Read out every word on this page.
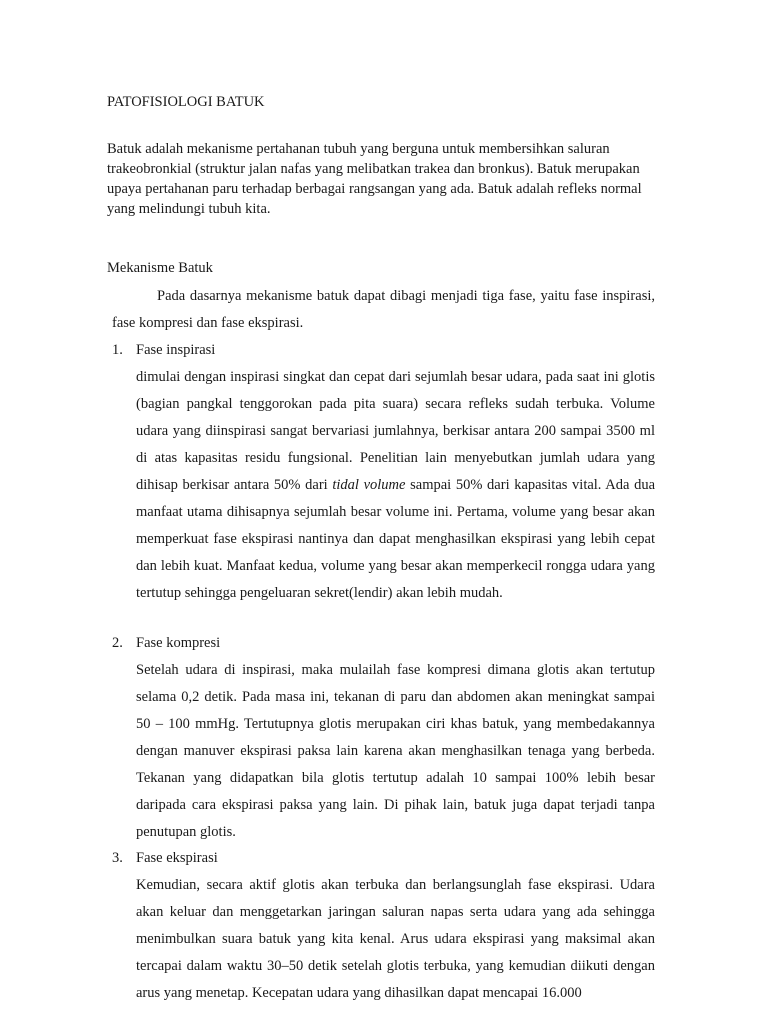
PATOFISIOLOGI BATUK

Batuk adalah mekanisme pertahanan tubuh yang berguna untuk membersihkan saluran trakeobronkial (struktur jalan nafas yang melibatkan trakea dan bronkus). Batuk merupakan upaya pertahanan paru terhadap berbagai rangsangan yang ada. Batuk adalah refleks normal yang melindungi tubuh kita.

Mekanisme Batuk

Pada dasarnya mekanisme batuk dapat dibagi menjadi tiga fase, yaitu fase inspirasi, fase kompresi dan fase ekspirasi.

1. Fase inspirasi

dimulai dengan inspirasi singkat dan cepat dari sejumlah besar udara, pada saat ini glotis (bagian pangkal tenggorokan pada pita suara) secara refleks sudah terbuka. Volume udara yang diinspirasi sangat bervariasi jumlahnya, berkisar antara 200 sampai 3500 ml di atas kapasitas residu fungsional. Penelitian lain menyebutkan jumlah udara yang dihisap berkisar antara 50% dari tidal volume sampai 50% dari kapasitas vital. Ada dua manfaat utama dihisapnya sejumlah besar volume ini. Pertama, volume yang besar akan memperkuat fase ekspirasi nantinya dan dapat menghasilkan ekspirasi yang lebih cepat dan lebih kuat. Manfaat kedua, volume yang besar akan memperkecil rongga udara yang tertutup sehingga pengeluaran sekret(lendir) akan lebih mudah.

2. Fase kompresi

Setelah udara di inspirasi, maka mulailah fase kompresi dimana glotis akan tertutup selama 0,2 detik. Pada masa ini, tekanan di paru dan abdomen akan meningkat sampai 50 – 100 mmHg. Tertutupnya glotis merupakan ciri khas batuk, yang membedakannya dengan manuver ekspirasi paksa lain karena akan menghasilkan tenaga yang berbeda. Tekanan yang didapatkan bila glotis tertutup adalah 10 sampai 100% lebih besar daripada cara ekspirasi paksa yang lain. Di pihak lain, batuk juga dapat terjadi tanpa penutupan glotis.

3. Fase ekspirasi

Kemudian, secara aktif glotis akan terbuka dan berlangsunglah fase ekspirasi. Udara akan keluar dan menggetarkan jaringan saluran napas serta udara yang ada sehingga menimbulkan suara batuk yang kita kenal. Arus udara ekspirasi yang maksimal akan tercapai dalam waktu 30–50 detik setelah glotis terbuka, yang kemudian diikuti dengan arus yang menetap. Kecepatan udara yang dihasilkan dapat mencapai 16.000
